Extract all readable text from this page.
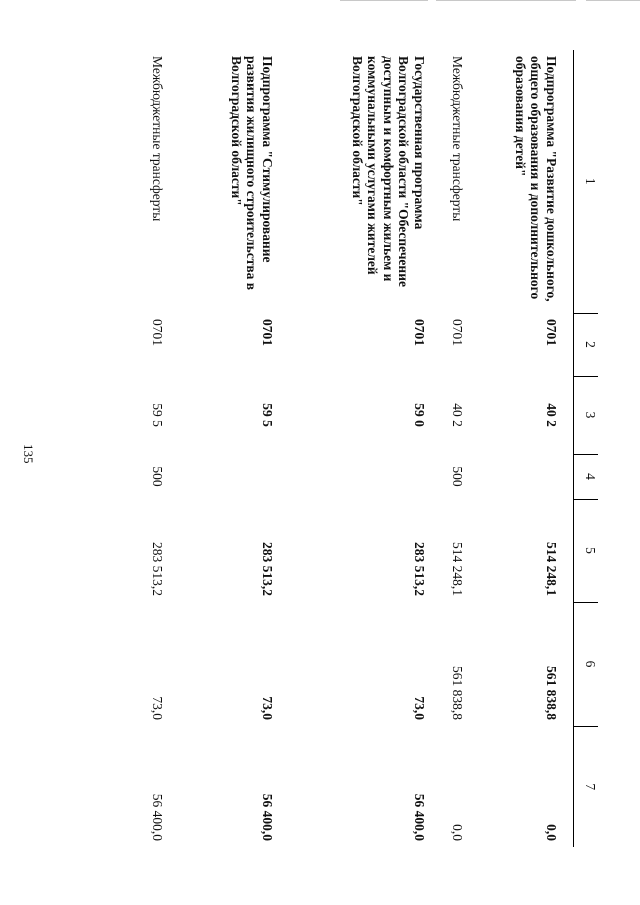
135
1	2	3	4	5	6	7
Подпрограмма "Развитие дошкольного, общего образования и дополнительного образования детей"	0701	40 2		514 248,1	561 838,8	0,0
Межбюджетные трансферты	0701	40 2	500	514 248,1	561 838,8	0,0
Государственная программа Волгоградской области "Обеспечение доступным и комфортным жильем и коммунальными услугами жителей Волгоградской области"	0701	59 0		283 513,2	73,0	56 400,0
Подпрограмма "Стимулирование развития жилищного строительства в Волгоградской области"	0701	59 5		283 513,2	73,0	56 400,0
Межбюджетные трансферты	0701	59 5	500	283 513,2	73,0	56 400,0
